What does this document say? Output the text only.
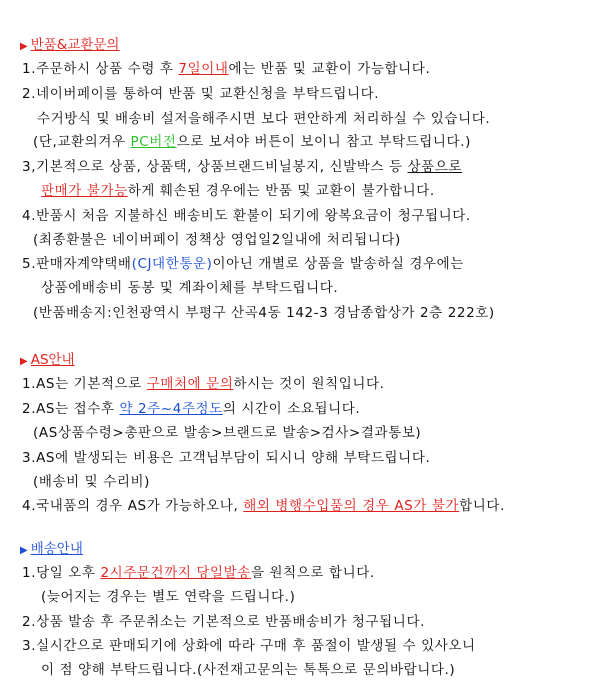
▶ 반품&교환문의
1.주문하시 상품 수령 후 7일이내에는 반품 및 교환이 가능합니다.
2.네이버페이를 통하여 반품 및 교환신청을 부탁드립니다.
수거방식 및 배송비 설저을해주시면 보다 편안하게 처리하실 수 있습니다.
(단,교환의겨우 PC버전으로 보셔야 버튼이 보이니 참고 부탁드립니다.)
3,기본적으로 상품, 상품택, 상품브랜드비닐봉지, 신발박스 등 상품으로
판매가 불가능하게 훼손된 경우에는 반품 및 교환이 불가합니다.
4.반품시 처음 지불하신 배송비도 환불이 되기에 왕복요금이 청구됩니다.
(최종환불은 네이버페이 정책상 영업일2일내에 처리됩니다)
5.판매자계약택배(CJ대한통운)이아닌 개별로 상품을 발송하실 경우에는
상품에배송비 동봉 및 계좌이체를 부탁드립니다.
(반품배송지:인천광역시 부평구 산곡4동 142-3 경남종합상가 2층 222호)
▶ AS안내
1.AS는 기본적으로 구매처에 문의하시는 것이 원칙입니다.
2.AS는 접수후 약 2주~4주정도의 시간이 소요됩니다.
(AS상품수령>총판으로 발송>브랜드로 발송>검사>결과통보)
3.AS에 발생되는 비용은 고객님부담이 되시니 양해 부탁드립니다.
(배송비 및 수리비)
4.국내품의 경우 AS가 가능하오나, 해외 병행수입품의 경우 AS가 불가합니다.
▶ 배송안내
1.당일 오후 2시주문건까지 당일발송을 원칙으로 합니다.
(늦어지는 경우는 별도 연락을 드립니다.)
2.상품 발송 후 주문취소는 기본적으로 반품배송비가 청구됩니다.
3.실시간으로 판매되기에 상화에 따라 구매 후 품절이 발생될 수 있사오니
이 점 양해 부탁드립니다.(사전재고문의는 톡톡으로 문의바랍니다.)
